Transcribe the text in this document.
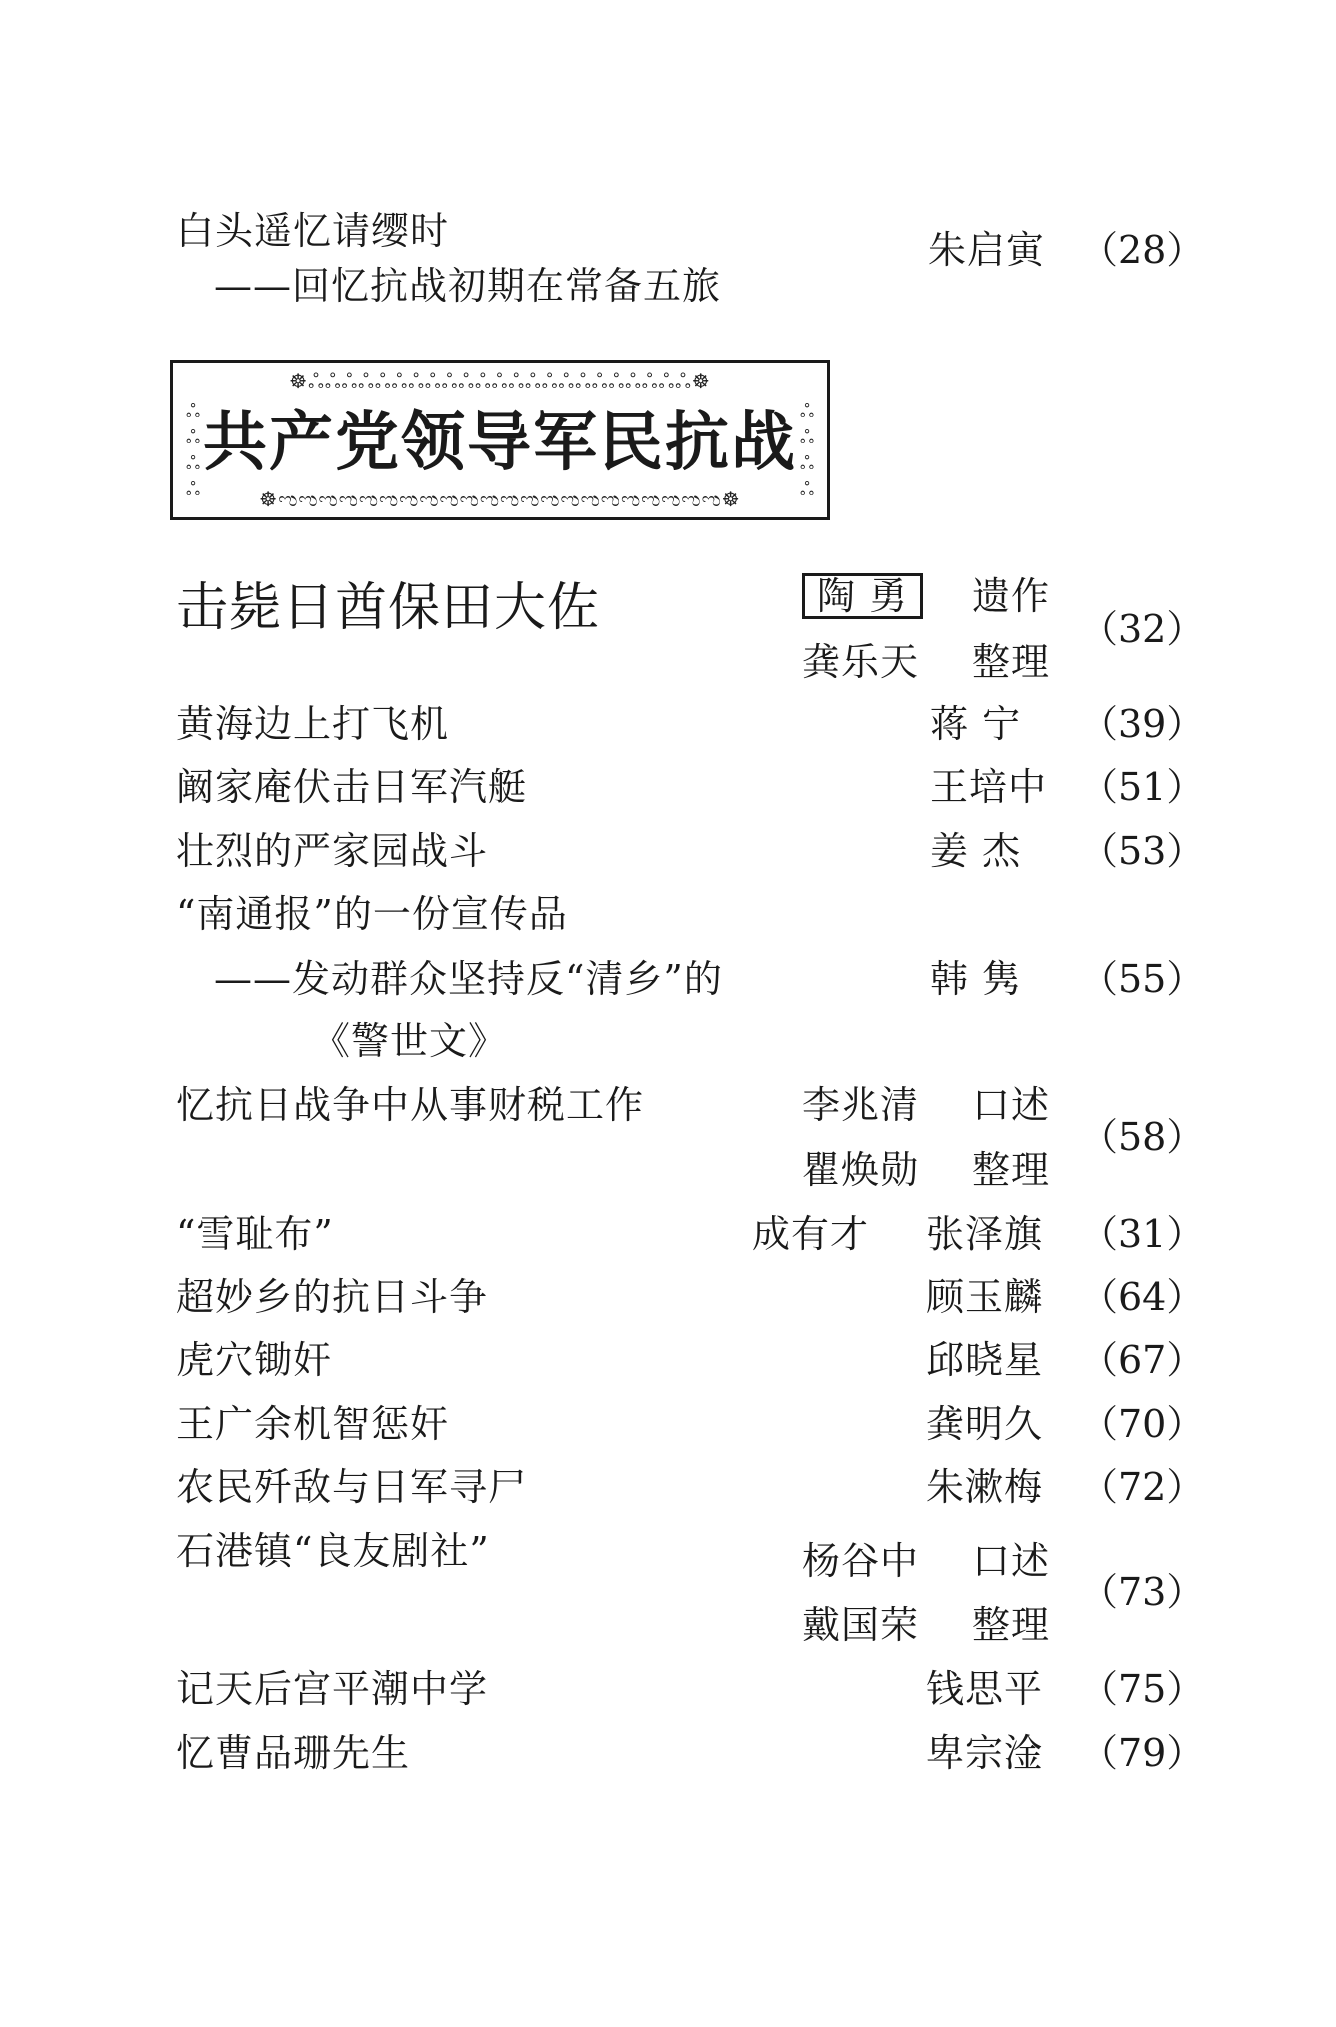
白头遥忆请缨时
——回忆抗战初期在常备五旅
朱启寅 （28）
☸ஃஃஃஃஃஃஃஃஃஃஃஃஃஃஃஃஃஃஃஃஃஃஃ☸
☸ಌಌಌಌಌಌಌಌಌಌಌಌಌಌಌಌಌಌಌಌಌಌ☸
ஃஃஃஃ
ஃஃஃஃ
共产党领导军民抗战
击毙日酋保田大佐	陶 勇	遗作
龚乐天 整理
（32）
黄海边上打飞机	蒋 宁 （39）
阚家庵伏击日军汽艇	王培中 （51）
壮烈的严家园战斗	姜 杰 （53）
“南通报”的一份宣传品
——发动群众坚持反“清乡”的	韩 隽 （55）
《警世文》
忆抗日战争中从事财税工作	李兆清 口述
瞿焕勋 整理
（58）
“雪耻布”	成有才 张泽旗 （31）
超妙乡的抗日斗争	顾玉麟 （64）
虎穴锄奸	邱晓星 （67）
王广余机智惩奸	龚明久 （70）
农民歼敌与日军寻尸	朱漱梅 （72）
石港镇“良友剧社”	杨谷中 口述
戴国荣 整理
（73）
记天后宫平潮中学	钱思平 （75）
忆曹品珊先生	卑宗淦 （79）
